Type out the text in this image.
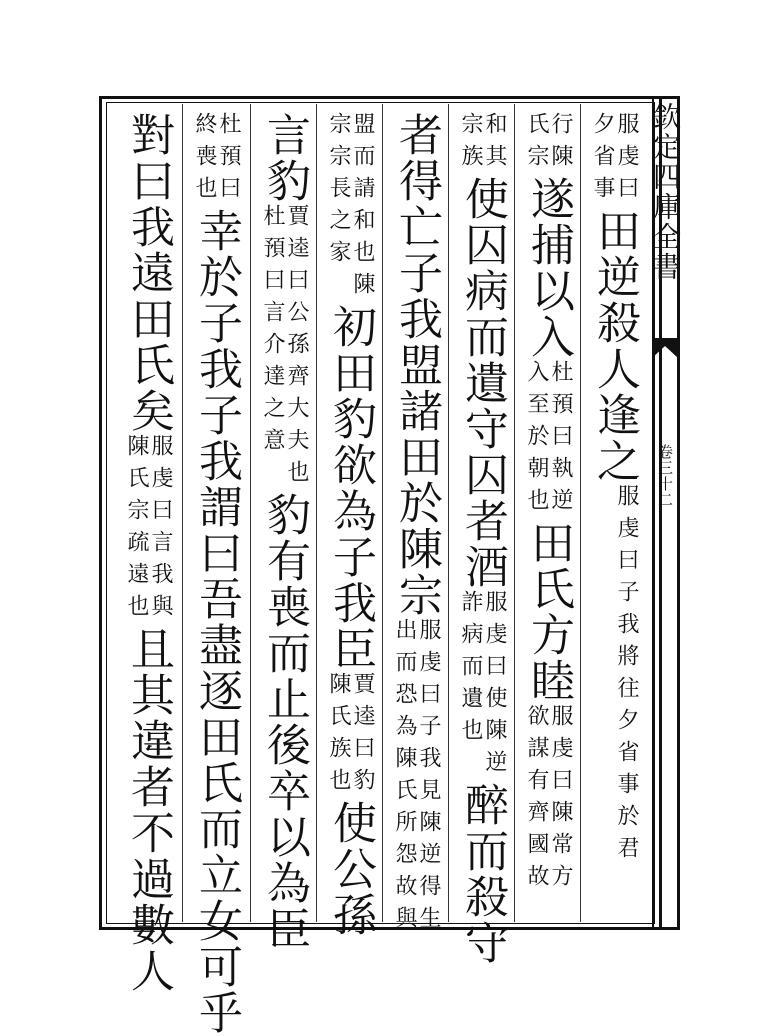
欽定四庫全書
卷三十二
服虔曰
夕省事
田逆殺人逢之
服虔曰子我將往夕省事於君
行陳
氏宗
遂捕以入
杜預曰執逆
入至於朝也
田氏方睦
服虔曰陳常方
欲謀有齊國故
和其
宗族
使囚病而遺守囚者酒
服虔曰使陳逆
詐病而遺也
醉而殺守
者得亡子我盟諸田於陳宗
服虔曰子我見陳逆得生
出而恐為陳氏所怨故與
盟而請和也陳
宗宗長之家
初田豹欲為子我臣
賈逵曰豹
陳氏族也
使公孫
言豹
賈逵曰公孫齊大夫也
杜預曰言介達之意
豹有喪而止後卒以為臣
杜預曰
終喪也
幸於子我子我謂曰吾盡逐田氏而立女可乎
對曰我遠田氏矣
服虔曰言我與
陳氏宗疏遠也
且其違者不過數人
